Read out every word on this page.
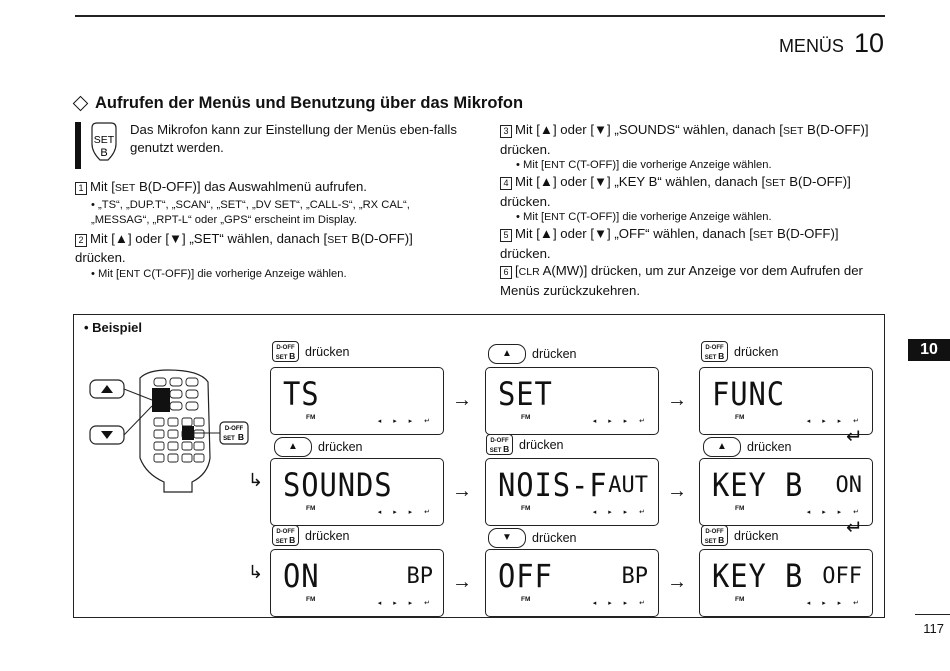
MENÜS 10
Aufrufen der Menüs und Benutzung über das Mikrofon
SET
B
Das Mikrofon kann zur Einstellung der Menüs eben-falls genutzt werden.
1 Mit [SET B(D-OFF)] das Auswahlmenü aufrufen.
• „TS“, „DUP.T“, „SCAN“, „SET“, „DV SET“, „CALL-S“, „RX CAL“, „MESSAG“, „RPT-L“ oder „GPS“ erscheint im Display.
2 Mit [▲] oder [▼] „SET“ wählen, danach [SET B(D-OFF)] drücken.
• Mit [ENT C(T-OFF)] die vorherige Anzeige wählen.
3 Mit [▲] oder [▼] „SOUNDS“ wählen, danach [SET B(D-OFF)] drücken.
• Mit [ENT C(T-OFF)] die vorherige Anzeige wählen.
4 Mit [▲] oder [▼] „KEY B“ wählen, danach [SET B(D-OFF)] drücken.
• Mit [ENT C(T-OFF)] die vorherige Anzeige wählen.
5 Mit [▲] oder [▼] „OFF“ wählen, danach [SET B(D-OFF)] drücken.
6 [CLR A(MW)] drücken, um zur Anzeige vor dem Aufrufen der Menüs zurückzukehren.
• Beispiel
D-OFF
SET B
D-OFF
SET B drücken	▲	drücken	D-OFF
SET B drücken
TS
FM
◂ ▸ ▸ ↵
→ SET
FM
◂ ▸ ▸ ↵
→ FUNC
FM
◂ ▸ ▸ ↵
↵
▲	drücken	D-OFF
SET B drücken	▲	drücken
↳ SOUNDS
FM
◂ ▸ ▸ ↵
→ NOIS-F AUT
FM
◂ ▸ ▸ ↵
→ KEY B ON
FM
◂ ▸ ▸ ↵
↵
D-OFF
SET B drücken	▼	drücken	D-OFF
SET B drücken
↳ ON	BP
FM
◂ ▸ ▸ ↵
→ OFF	BP
FM
◂ ▸ ▸ ↵
→ KEY B OFF
FM
◂ ▸ ▸ ↵
10
117
